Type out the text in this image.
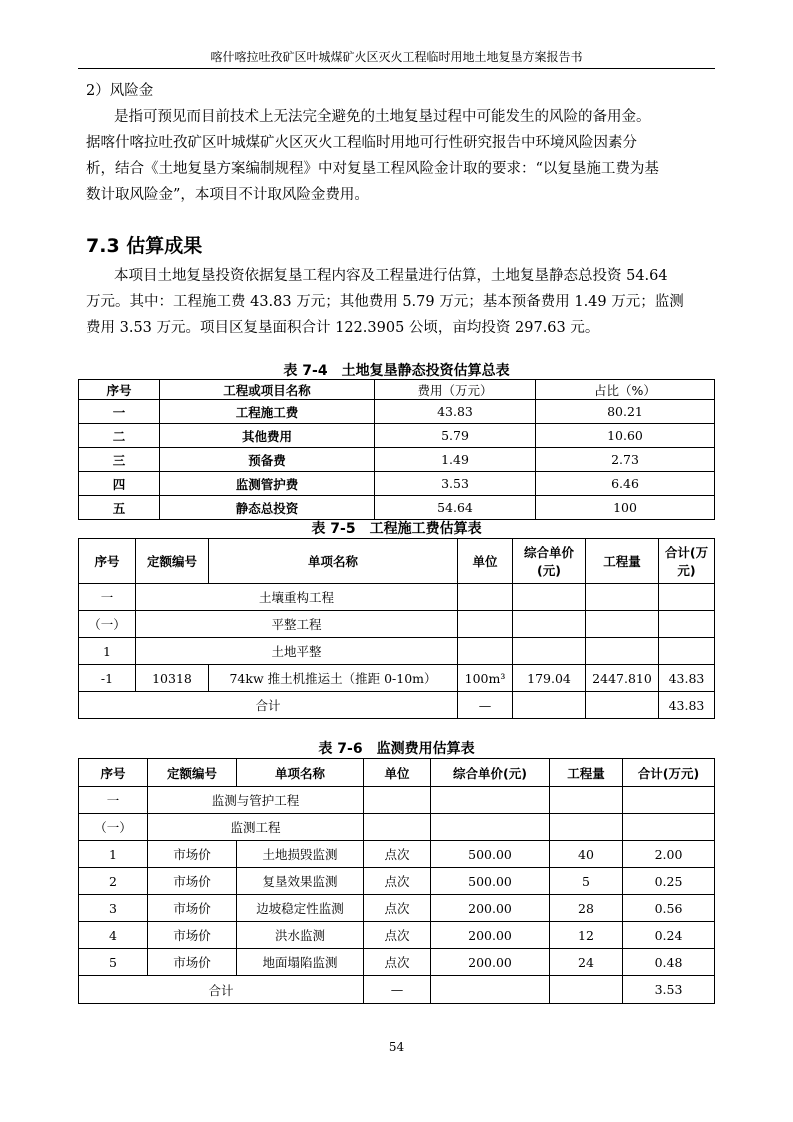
喀什喀拉吐孜矿区叶城煤矿火区灭火工程临时用地土地复垦方案报告书
2）风险金
是指可预见而目前技术上无法完全避免的土地复垦过程中可能发生的风险的备用金。
据喀什喀拉吐孜矿区叶城煤矿火区灭火工程临时用地可行性研究报告中环境风险因素分
析，结合《土地复垦方案编制规程》中对复垦工程风险金计取的要求：“以复垦施工费为基
数计取风险金”，本项目不计取风险金费用。
7.3 估算成果
本项目土地复垦投资依据复垦工程内容及工程量进行估算，土地复垦静态总投资 54.64
万元。其中：工程施工费 43.83 万元；其他费用 5.79 万元；基本预备费用 1.49 万元；监测
费用 3.53 万元。项目区复垦面积合计 122.3905 公顷，亩均投资 297.63 元。
表 7-4　土地复垦静态投资估算总表
序号	工程或项目名称	费用（万元）	占比（%）
一	工程施工费	43.83	80.21
二	其他费用	5.79	10.60
三	预备费	1.49	2.73
四	监测管护费	3.53	6.46
五	静态总投资	54.64	100
表 7-5　工程施工费估算表
序号	定额编号	单项名称	单位	综合单价(元)	工程量	合计(万元)
一	土壤重构工程					
（一）	平整工程					
1	土地平整					
-1	10318	74kw 推土机推运土（推距 0-10m）	100m³	179.04	2447.810	43.83
合计			—			43.83
表 7-6　监测费用估算表
序号	定额编号	单项名称	单位	综合单价(元)	工程量	合计(万元)
一	监测与管护工程					
（一）	监测工程					
1	市场价	土地损毁监测	点次	500.00	40	2.00
2	市场价	复垦效果监测	点次	500.00	5	0.25
3	市场价	边坡稳定性监测	点次	200.00	28	0.56
4	市场价	洪水监测	点次	200.00	12	0.24
5	市场价	地面塌陷监测	点次	200.00	24	0.48
合计			—			3.53
54
